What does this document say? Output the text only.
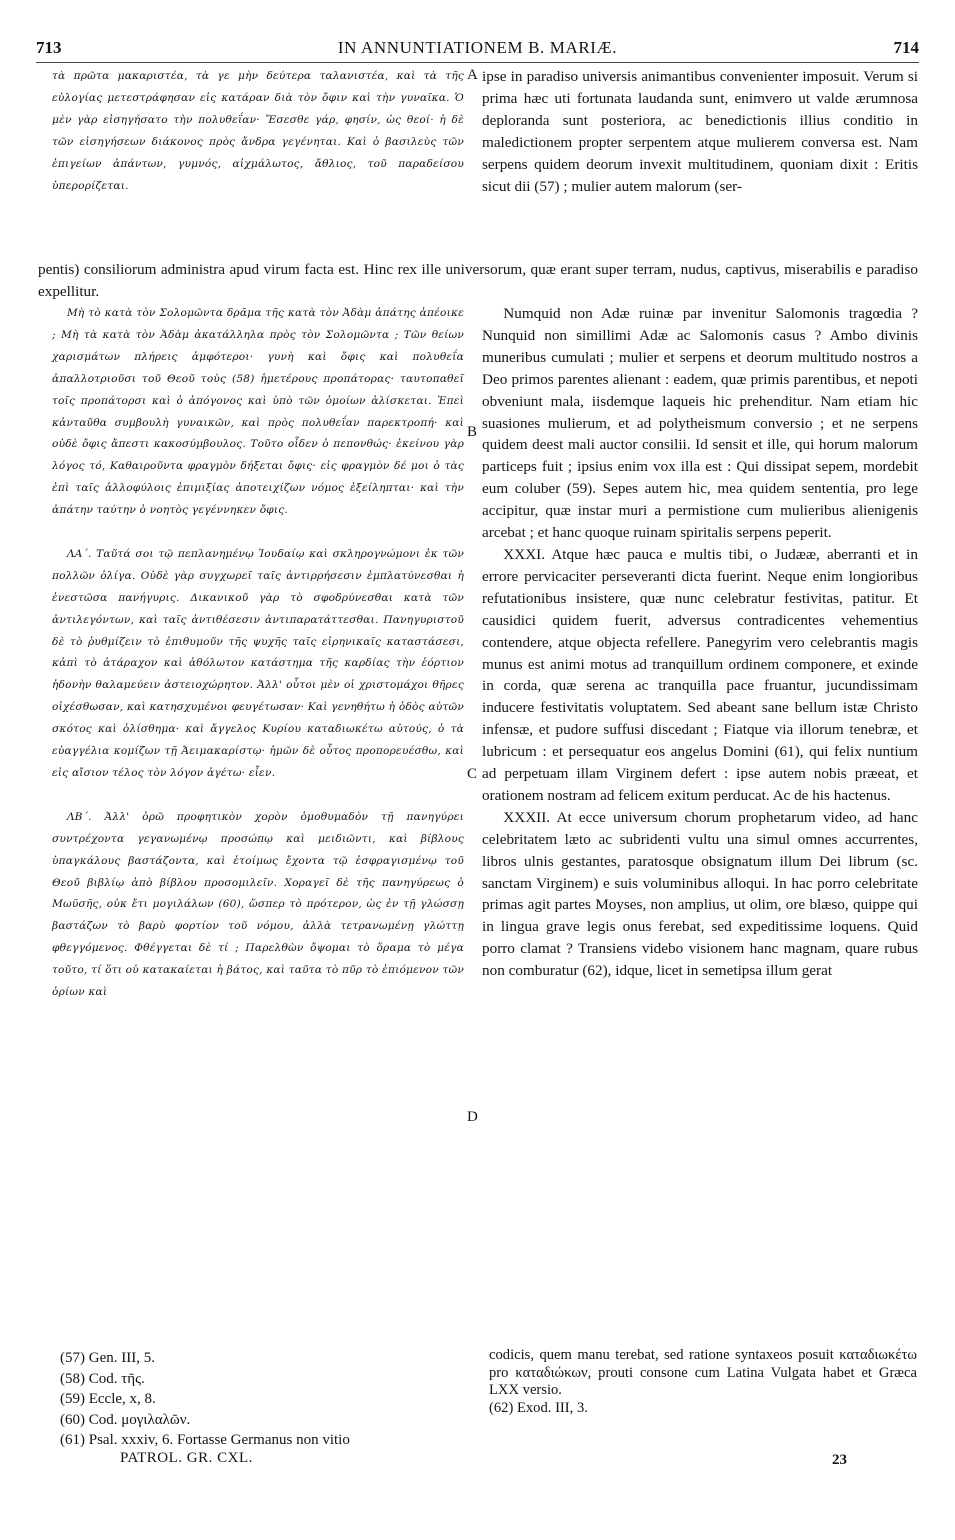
713	IN ANNUNTIATIONEM B. MARIÆ.	714

τὰ πρῶτα μακαριστέα, τὰ γε μὴν δεύτερα ταλανιστέα, καὶ τὰ τῆς εὐλογίας μετεστράφησαν εἰς κατάραν διὰ τὸν ὄφιν καὶ τὴν γυναῖκα. Ὁ μὲν γὰρ εἰσηγήσατο τὴν πολυθεΐαν· Ἔσεσθε γάρ, φησίν, ὡς θεοί· ἡ δὲ τῶν εἰσηγήσεων διάκονος πρὸς ἄνδρα γεγένηται. Καὶ ὁ βασιλεὺς τῶν ἐπιγείων ἁπάντων, γυμνός, αἰχμάλωτος, ἄθλιος, τοῦ παραδείσου ὑπερορίζεται.

ipse in paradiso universis animantibus convenienter imposuit. Verum si prima hæc uti fortunata laudanda sunt, enimvero ut valde ærumnosa deploranda sunt posteriora, ac benedictionis illius conditio in maledictionem propter serpentem atque mulierem conversa est. Nam serpens quidem deorum invexit multitudinem, quoniam dixit : Eritis sicut dii (57) ; mulier autem malorum (ser-

pentis) consiliorum administra apud virum facta est. Hinc rex ille universorum, quæ erant super terram, nudus, captivus, miserabilis e paradiso expellitur.

Μὴ τὸ κατὰ τὸν Σολομῶντα δρᾶμα τῆς κατὰ τὸν Ἀδὰμ ἀπάτης ἀπέοικε ; Μὴ τὰ κατὰ τὸν Ἀδὰμ ἀκατάλληλα πρὸς τὸν Σολομῶντα ; Τῶν θείων χαρισμάτων πλήρεις ἀμφότεροι· γυνὴ καὶ ὄφις καὶ πολυθεΐα ἀπαλλοτριοῦσι τοῦ Θεοῦ τοὺς (58) ἡμετέρους προπάτορας· ταυτοπαθεῖ τοῖς προπάτορσι καὶ ὁ ἀπόγονος καὶ ὑπὸ τῶν ὁμοίων ἁλίσκεται. Ἐπεὶ κἀνταῦθα συμβουλὴ γυναικῶν, καὶ πρὸς πολυθεΐαν παρεκτροπή· καὶ οὐδὲ ὄφις ἄπεστι κακοσύμβουλος. Τοῦτο οἶδεν ὁ πεπονθώς· ἐκείνου γὰρ λόγος τό, Καθαιροῦντα φραγμὸν δήξεται ὄφις· εἰς φραγμὸν δέ μοι ὁ τὰς ἐπὶ ταῖς ἀλλοφύλοις ἐπιμιξίας ἀποτειχίζων νόμος ἐξείληπται· καὶ τὴν ἀπάτην ταύτην ὁ νοητὸς γεγέννηκεν ὄφις.

ΛΑ΄. Ταῦτά σοι τῷ πεπλανημένῳ Ἰουδαίῳ καὶ σκληρογνώμονι ἐκ τῶν πολλῶν ὀλίγα. Οὐδὲ γὰρ συγχωρεῖ ταῖς ἀντιρρήσεσιν ἐμπλατύνεσθαι ἡ ἐνεστῶσα πανήγυρις. Δικανικοῦ γὰρ τὸ σφοδρύνεσθαι κατὰ τῶν ἀντιλεγόντων, καὶ ταῖς ἀντιθέσεσιν ἀντιπαρατάττεσθαι. Πανηγυριστοῦ δὲ τὸ ῥυθμίζειν τὸ ἐπιθυμοῦν τῆς ψυχῆς ταῖς εἰρηνικαῖς καταστάσεσι, κἀπὶ τὸ ἀτάραχον καὶ ἀθόλωτον κατάστημα τῆς καρδίας τὴν ἑόρτιον ἡδονὴν θαλαμεύειν ἀστειοχώρητον. Ἀλλ' οὗτοι μὲν οἱ χριστομάχοι θῆρες οἰχέσθωσαν, καὶ κατησχυμένοι φευγέτωσαν· Καὶ γενηθήτω ἡ ὁδὸς αὐτῶν σκότος καὶ ὀλίσθημα· καὶ ἄγγελος Κυρίου καταδιωκέτω αὐτούς, ὁ τὰ εὐαγγέλια κομίζων τῇ Ἀειμακαρίστῳ· ἡμῶν δὲ οὗτος προπορευέσθω, καὶ εἰς αἴσιον τέλος τὸν λόγον ἀγέτω· εἶεν.

ΛΒ΄. Ἀλλ' ὁρῶ προφητικὸν χορὸν ὁμοθυμαδὸν τῇ πανηγύρει συντρέχοντα γεγανωμένῳ προσώπῳ καὶ μειδιῶντι, καὶ βίβλους ὑπαγκάλους βαστάζοντα, καὶ ἑτοίμως ἔχοντα τῷ ἐσφραγισμένῳ τοῦ Θεοῦ βιβλίῳ ἀπὸ βίβλου προσομιλεῖν. Χοραγεῖ δὲ τῆς πανηγύρεως ὁ Μωϋσῆς, οὐκ ἔτι μογιλάλων (60), ὥσπερ τὸ πρότερον, ὡς ἐν τῇ γλώσσῃ βαστάζων τὸ βαρὺ φορτίον τοῦ νόμου, ἀλλὰ τετρανωμένῃ γλώττῃ φθεγγόμενος. Φθέγγεται δὲ τί ; Παρελθὼν ὄψομαι τὸ ὅραμα τὸ μέγα τοῦτο, τί ὅτι οὐ κατακαίεται ἡ βάτος, καὶ ταῦτα τὸ πῦρ τὸ ἐπιόμενον τῶν ὀρίων καὶ

Numquid non Adæ ruinæ par invenitur Salomonis tragœdia ? Nunquid non simillimi Adæ ac Salomonis casus ? Ambo divinis muneribus cumulati ; mulier et serpens et deorum multitudo nostros a Deo primos parentes alienant : eadem, quæ primis parentibus, et nepoti obveniunt mala, iisdemque laqueis hic prehenditur. Nam etiam hic suasiones mulierum, et ad polytheismum conversio ; et ne serpens quidem deest mali auctor consilii. Id sensit et ille, qui horum malorum particeps fuit ; ipsius enim vox illa est : Qui dissipat sepem, mordebit eum coluber (59). Sepes autem hic, mea quidem sententia, pro lege accipitur, quæ instar muri a permistione cum mulieribus alienigenis arcebat ; et hanc quoque ruinam spiritalis serpens peperit.

XXXI. Atque hæc pauca e multis tibi, o Judææ, aberranti et in errore pervicaciter perseveranti dicta fuerint. Neque enim longioribus refutationibus insistere, quæ nunc celebratur festivitas, patitur. Et causidici quidem fuerit, adversus contradicentes vehementius contendere, atque objecta refellere. Panegyrim vero celebrantis magis munus est animi motus ad tranquillum ordinem componere, et exinde in corda, quæ serena ac tranquilla pace fruantur, jucundissimam inducere festivitatis voluptatem. Sed abeant sane bellum istæ Christo infensæ, et pudore suffusi discedant ; Fiatque via illorum tenebræ, et lubricum : et persequatur eos angelus Domini (61), qui felix nuntium ad perpetuam illam Virginem defert : ipse autem nobis præeat, et orationem nostram ad felicem exitum perducat. Ac de his hactenus.

XXXII. At ecce universum chorum prophetarum video, ad hanc celebritatem læto ac subridenti vultu una simul omnes accurrentes, libros ulnis gestantes, paratosque obsignatum illum Dei librum (sc. sanctam Virginem) e suis voluminibus alloqui. In hac porro celebritate primas agit partes Moyses, non amplius, ut olim, ore blæso, quippe qui in lingua grave legis onus ferebat, sed expeditissime loquens. Quid porro clamat ? Transiens videbo visionem hanc magnam, quare rubus non comburatur (62), idque, licet in semetipsa illum gerat

A
B
C
D
(57) Gen. III, 5.
(58) Cod. τῆς.
(59) Eccle, x, 8.
(60) Cod. μογιλαλῶν.
(61) Psal. xxxiv, 6. Fortasse Germanus non vitio
codicis, quem manu terebat, sed ratione syntaxeos posuit καταδιωκέτω pro καταδιώκων, prouti consone cum Latina Vulgata habet et Græca LXX versio.
(62) Exod. III, 3.
PATROL. GR. CXL.	23
